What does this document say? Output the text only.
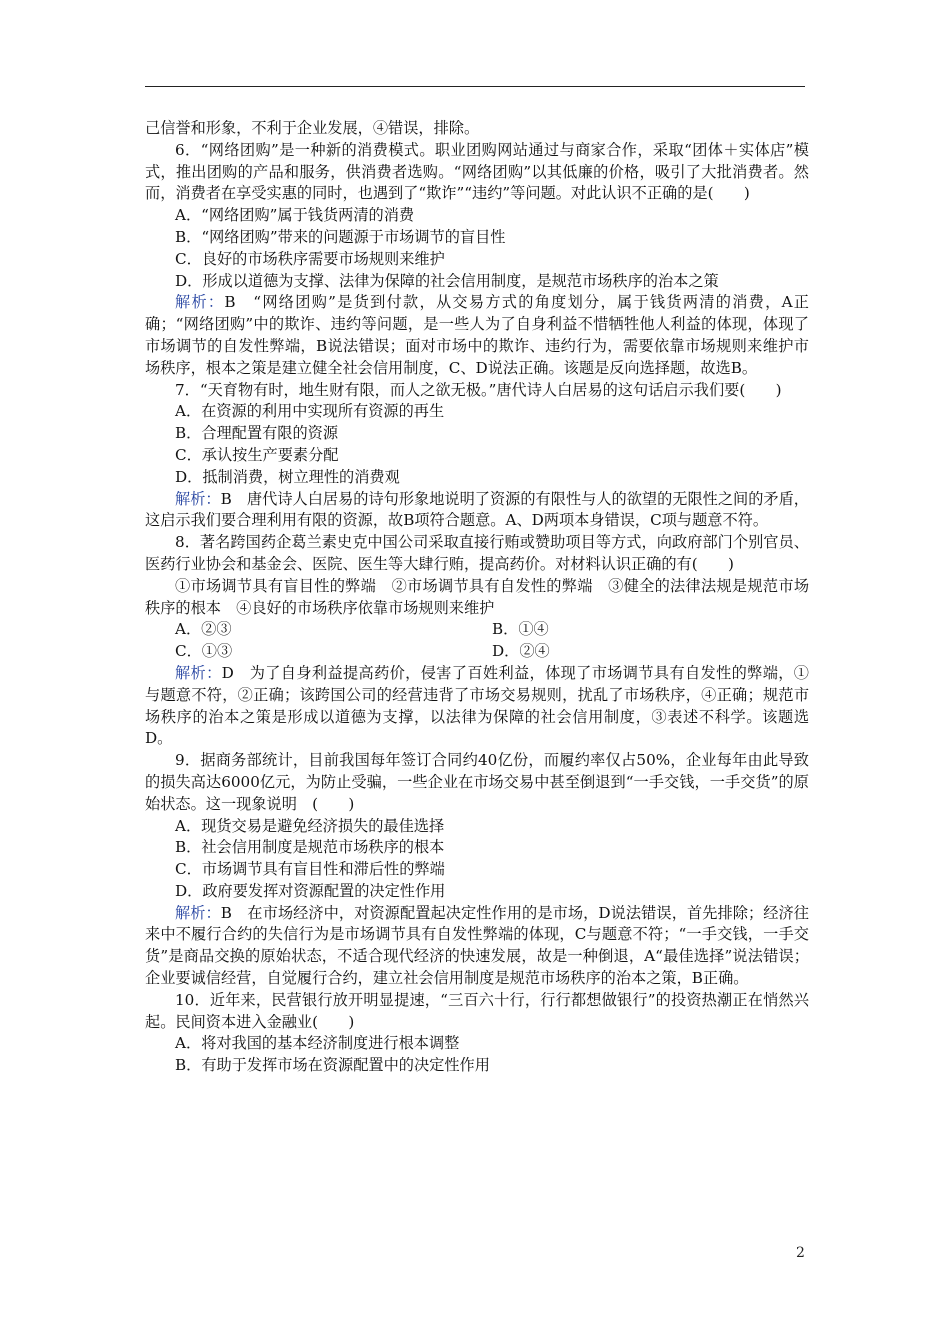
己信誉和形象，不利于企业发展，④错误，排除。

6．“网络团购”是一种新的消费模式。职业团购网站通过与商家合作，采取“团体＋实体店”模式，推出团购的产品和服务，供消费者选购。“网络团购”以其低廉的价格，吸引了大批消费者。然而，消费者在享受实惠的同时，也遇到了“欺诈”“违约”等问题。对此认识不正确的是(　　)

A．“网络团购”属于钱货两清的消费

B．“网络团购”带来的问题源于市场调节的盲目性

C．良好的市场秩序需要市场规则来维护

D．形成以道德为支撑、法律为保障的社会信用制度，是规范市场秩序的治本之策

解析：B　“网络团购”是货到付款，从交易方式的角度划分，属于钱货两清的消费，A正确；“网络团购”中的欺诈、违约等问题，是一些人为了自身利益不惜牺牲他人利益的体现，体现了市场调节的自发性弊端，B说法错误；面对市场中的欺诈、违约行为，需要依靠市场规则来维护市场秩序，根本之策是建立健全社会信用制度，C、D说法正确。该题是反向选择题，故选B。

7．“天育物有时，地生财有限，而人之欲无极。”唐代诗人白居易的这句话启示我们要(　　)

A．在资源的利用中实现所有资源的再生

B．合理配置有限的资源

C．承认按生产要素分配

D．抵制消费，树立理性的消费观

解析：B　唐代诗人白居易的诗句形象地说明了资源的有限性与人的欲望的无限性之间的矛盾，这启示我们要合理利用有限的资源，故B项符合题意。A、D两项本身错误，C项与题意不符。

8．著名跨国药企葛兰素史克中国公司采取直接行贿或赞助项目等方式，向政府部门个别官员、医药行业协会和基金会、医院、医生等大肆行贿，提高药价。对材料认识正确的有(　　)

①市场调节具有盲目性的弊端　②市场调节具有自发性的弊端　③健全的法律法规是规范市场秩序的根本　④良好的市场秩序依靠市场规则来维护

A．②③	B．①④
C．①③	D．②④

解析：D　为了自身利益提高药价，侵害了百姓利益，体现了市场调节具有自发性的弊端，①与题意不符，②正确；该跨国公司的经营违背了市场交易规则，扰乱了市场秩序，④正确；规范市场秩序的治本之策是形成以道德为支撑，以法律为保障的社会信用制度，③表述不科学。该题选D。

9．据商务部统计，目前我国每年签订合同约40亿份，而履约率仅占50%，企业每年由此导致的损失高达6000亿元，为防止受骗，一些企业在市场交易中甚至倒退到“一手交钱，一手交货”的原始状态。这一现象说明　(　　)

A．现货交易是避免经济损失的最佳选择

B．社会信用制度是规范市场秩序的根本

C．市场调节具有盲目性和滞后性的弊端

D．政府要发挥对资源配置的决定性作用

解析：B　在市场经济中，对资源配置起决定性作用的是市场，D说法错误，首先排除；经济往来中不履行合约的失信行为是市场调节具有自发性弊端的体现，C与题意不符；“一手交钱，一手交货”是商品交换的原始状态，不适合现代经济的快速发展，故是一种倒退，A“最佳选择”说法错误；企业要诚信经营，自觉履行合约，建立社会信用制度是规范市场秩序的治本之策，B正确。

10．近年来，民营银行放开明显提速，“三百六十行，行行都想做银行”的投资热潮正在悄然兴起。民间资本进入金融业(　　)

A．将对我国的基本经济制度进行根本调整

B．有助于发挥市场在资源配置中的决定性作用

2
